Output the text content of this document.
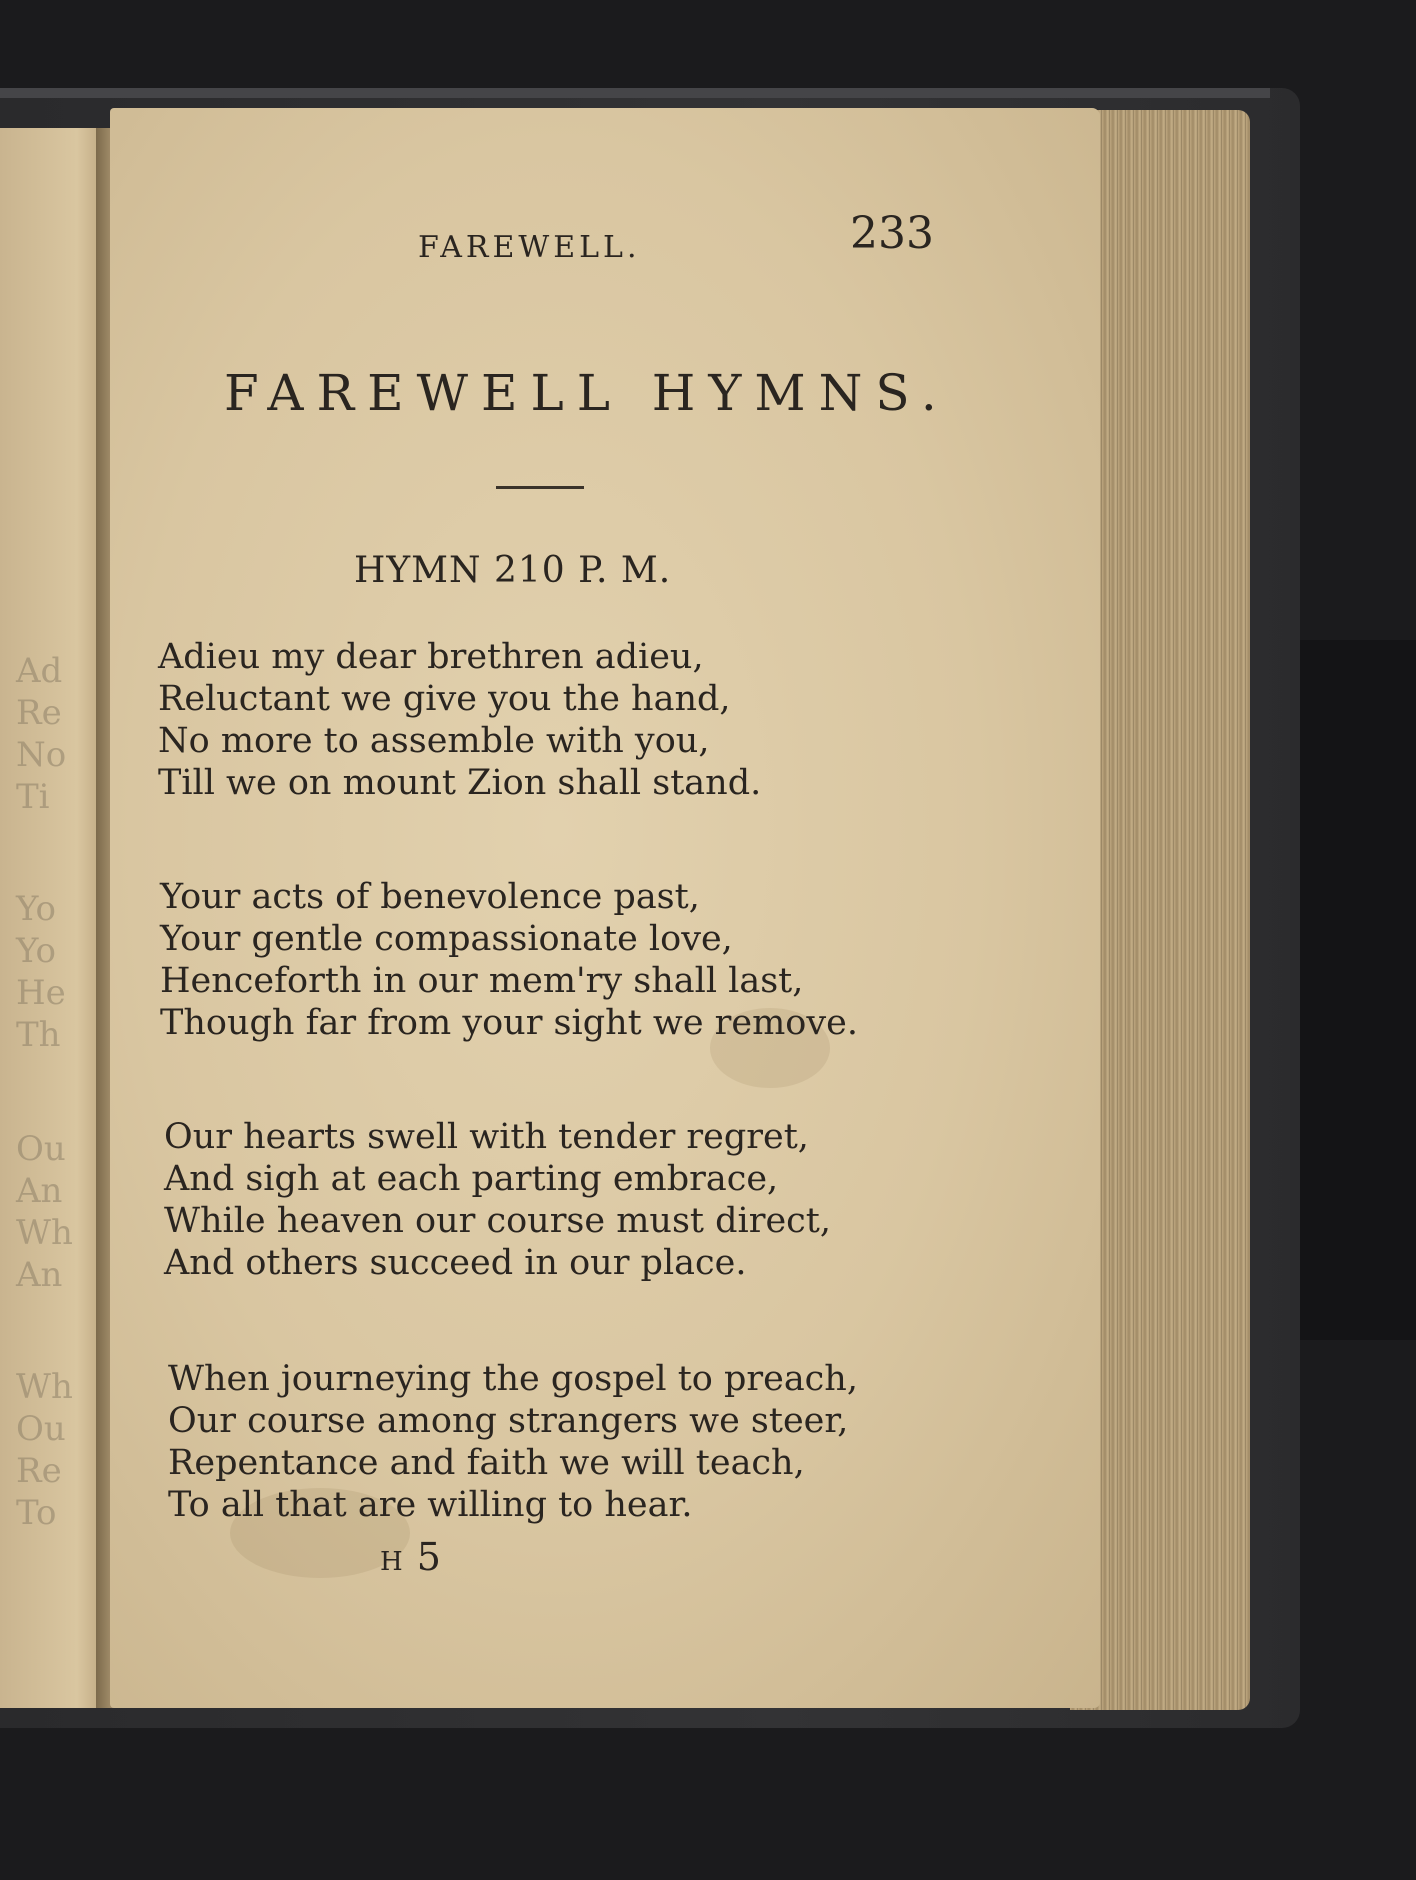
Ad
Re
No
Ti
Yo
Yo
He
Th
Ou
An
Wh
An
Wh
Ou
Re
To
FAREWELL.	233
FAREWELL HYMNS.
HYMN 210 P. M.
Adieu my dear brethren adieu,
Reluctant we give you the hand,
No more to assemble with you,
Till we on mount Zion shall stand.
Your acts of benevolence past,
Your gentle compassionate love,
Henceforth in our mem'ry shall last,
Though far from your sight we remove.
Our hearts swell with tender regret,
And sigh at each parting embrace,
While heaven our course must direct,
And others succeed in our place.
When journeying the gospel to preach,
Our course among strangers we steer,
Repentance and faith we will teach,
To all that are willing to hear.
H 5
